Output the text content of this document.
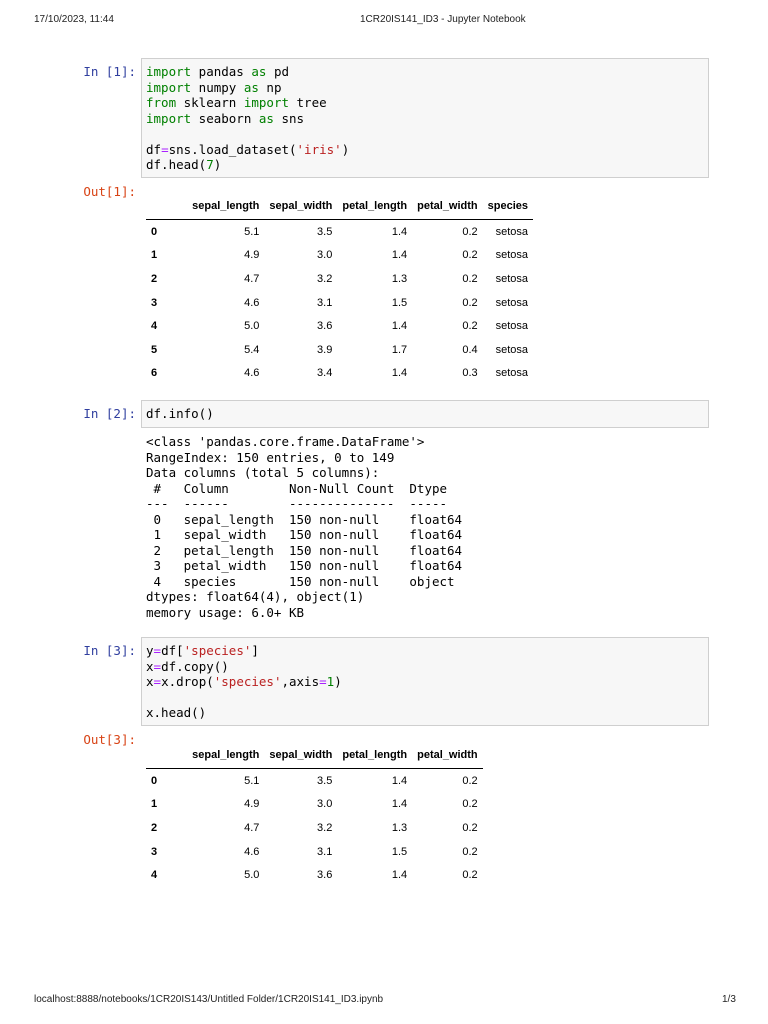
17/10/2023, 11:44	1CR20IS141_ID3 - Jupyter Notebook
In [1]: import pandas as pd
import numpy as np
from sklearn import tree
import seaborn as sns

df=sns.load_dataset('iris')
df.head(7)
Out[1]:
	sepal_length	sepal_width	petal_length	petal_width	species
0	5.1	3.5	1.4	0.2	setosa
1	4.9	3.0	1.4	0.2	setosa
2	4.7	3.2	1.3	0.2	setosa
3	4.6	3.1	1.5	0.2	setosa
4	5.0	3.6	1.4	0.2	setosa
5	5.4	3.9	1.7	0.4	setosa
6	4.6	3.4	1.4	0.3	setosa
In [2]: df.info()
<class 'pandas.core.frame.DataFrame'>
RangeIndex: 150 entries, 0 to 149
Data columns (total 5 columns):
#   Column        Non-Null Count  Dtype
---  ------        --------------  -----
0   sepal_length  150 non-null    float64
1   sepal_width   150 non-null    float64
2   petal_length  150 non-null    float64
3   petal_width   150 non-null    float64
4   species       150 non-null    object
dtypes: float64(4), object(1)
memory usage: 6.0+ KB
In [3]: y=df['species']
x=df.copy()
x=x.drop('species',axis=1)

x.head()
Out[3]:
	sepal_length	sepal_width	petal_length	petal_width
0	5.1	3.5	1.4	0.2
1	4.9	3.0	1.4	0.2
2	4.7	3.2	1.3	0.2
3	4.6	3.1	1.5	0.2
4	5.0	3.6	1.4	0.2
localhost:8888/notebooks/1CR20IS143/Untitled Folder/1CR20IS141_ID3.ipynb	1/3
